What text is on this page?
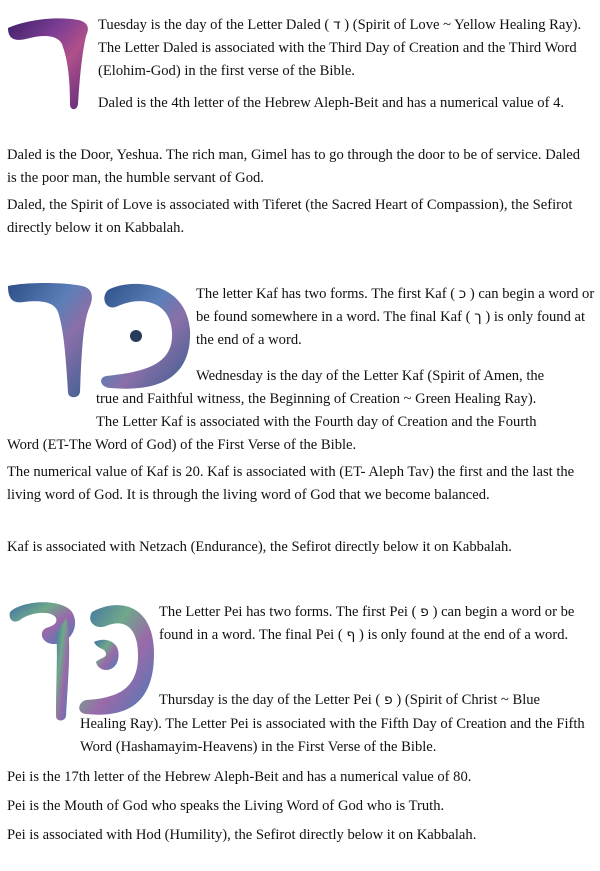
Tuesday is the day of the Letter Daled ( ד ) (Spirit of Love ~ Yellow Healing Ray). The Letter Daled is associated with the Third Day of Creation and the Third Word (Elohim-God) in the first verse of the Bible.
Daled is the 4th letter of the Hebrew Aleph-Beit and has a numerical value of 4.
Daled is the Door, Yeshua. The rich man, Gimel has to go through the door to be of service. Daled is the poor man, the humble servant of God.
Daled, the Spirit of Love is associated with Tiferet (the Sacred Heart of Compassion), the Sefirot directly below it on Kabbalah.
The letter Kaf has two forms. The first Kaf ( כ ) can begin a word or be found somewhere in a word. The final Kaf ( ך ) is only found at the end of a word.
Wednesday is the day of the Letter Kaf (Spirit of Amen, the
true and Faithful witness, the Beginning of Creation ~ Green Healing Ray).
The Letter Kaf is associated with the Fourth day of Creation and the Fourth
Word (ET-The Word of God) of the First Verse of the Bible.
The numerical value of Kaf is 20. Kaf is associated with (ET- Aleph Tav) the first and the last the living word of God. It is through the living word of God that we become balanced.
Kaf is associated with Netzach (Endurance), the Sefirot directly below it on Kabbalah.
The Letter Pei has two forms. The first Pei ( פ ) can begin a word or be found in a word. The final Pei ( ף ) is only found at the end of a word.
Thursday is the day of the Letter Pei ( פ ) (Spirit of Christ ~ Blue
Healing Ray). The Letter Pei is associated with the Fifth Day of Creation and the Fifth Word (Hashamayim-Heavens) in the First Verse of the Bible.
Pei is the 17th letter of the Hebrew Aleph-Beit and has a numerical value of 80.
Pei is the Mouth of God who speaks the Living Word of God who is Truth.
Pei is associated with Hod (Humility), the Sefirot directly below it on Kabbalah.
